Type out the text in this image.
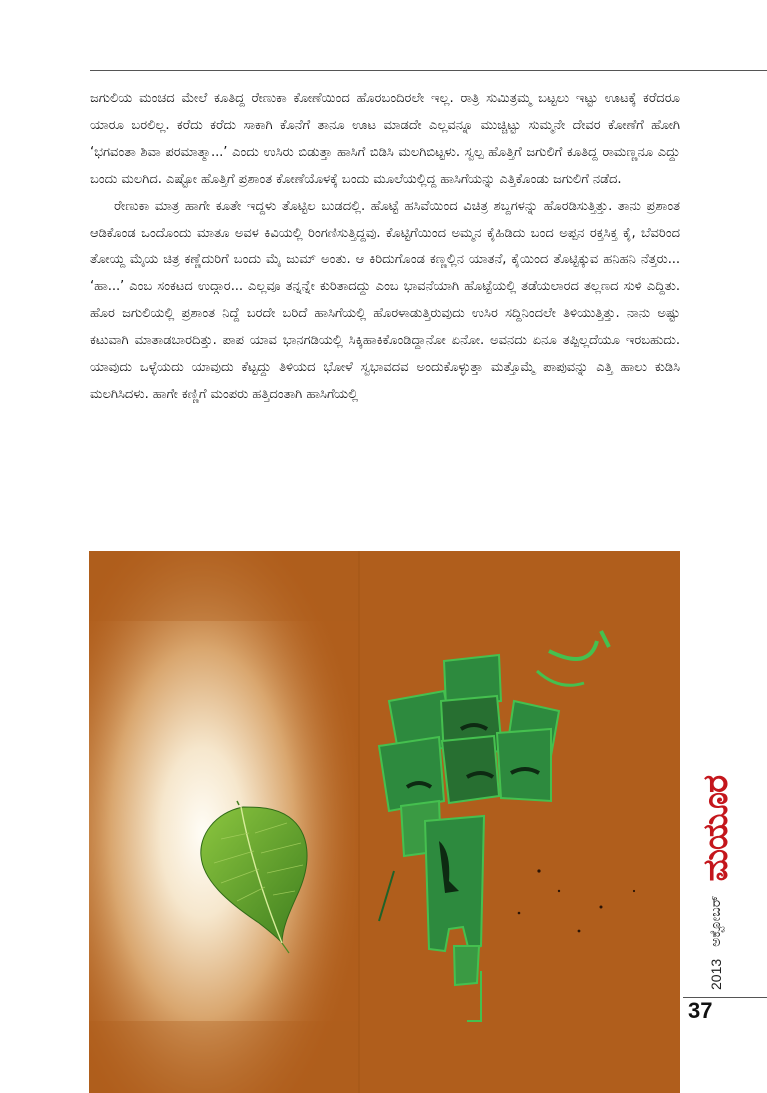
ಜಗುಲಿಯ ಮಂಚದ ಮೇಲೆ ಕೂತಿದ್ದ ರೇಣುಕಾ ಕೋಣೆಯಿಂದ ಹೊರಬಂದಿರಲೇ ಇಲ್ಲ. ರಾತ್ರಿ ಸುಮಿತ್ರಮ್ಮ ಬಟ್ಟಲು ಇಟ್ಟು ಊಟಕ್ಕೆ ಕರೆದರೂ ಯಾರೂ ಬರಲಿಲ್ಲ. ಕರೆದು ಕರೆದು ಸಾಕಾಗಿ ಕೊನೆಗೆ ತಾನೂ ಊಟ ಮಾಡದೇ ಎಲ್ಲವನ್ನೂ ಮುಚ್ಚಿಟ್ಟು ಸುಮ್ಮನೇ ದೇವರ ಕೋಣೆಗೆ ಹೋಗಿ ‘ಭಗವಂತಾ ಶಿವಾ ಪರಮಾತ್ಮಾ...’ ಎಂದು ಉಸಿರು ಬಿಡುತ್ತಾ ಹಾಸಿಗೆ ಬಿಡಿಸಿ ಮಲಗಿಬಿಟ್ಟಳು. ಸ್ವಲ್ಪ ಹೊತ್ತಿಗೆ ಜಗುಲಿಗೆ ಕೂತಿದ್ದ ರಾಮಣ್ಣನೂ ಎದ್ದು ಬಂದು ಮಲಗಿದ. ಎಷ್ಟೋ ಹೊತ್ತಿಗೆ ಪ್ರಶಾಂತ ಕೋಣೆಯೊಳಕ್ಕೆ ಬಂದು ಮೂಲೆಯಲ್ಲಿದ್ದ ಹಾಸಿಗೆಯನ್ನು ಎತ್ತಿಕೊಂಡು ಜಗುಲಿಗೆ ನಡೆದ.

ರೇಣುಕಾ ಮಾತ್ರ ಹಾಗೇ ಕೂತೇ ಇದ್ದಳು ತೊಟ್ಟಿಲ ಬುಡದಲ್ಲಿ. ಹೊಟ್ಟೆ ಹಸಿವೆಯಿಂದ ವಿಚಿತ್ರ ಶಬ್ದಗಳನ್ನು ಹೊರಡಿಸುತ್ತಿತ್ತು. ತಾನು ಪ್ರಶಾಂತ ಆಡಿಕೊಂಡ ಒಂದೊಂದು ಮಾತೂ ಅವಳ ಕಿವಿಯಲ್ಲಿ ರಿಂಗಣಿಸುತ್ತಿದ್ದವು. ಕೊಟ್ಟಿಗೆಯಿಂದ ಅಮ್ಮನ ಕೈಹಿಡಿದು ಬಂದ ಅಪ್ಪನ ರಕ್ತಸಿಕ್ತ ಕೈ, ಬೆವರಿಂದ ತೋಯ್ದ ಮೈಯ ಚಿತ್ರ ಕಣ್ಣೆದುರಿಗೆ ಬಂದು ಮೈ ಜುಮ್ ಅಂತು. ಆ ಕಿರಿದುಗೊಂಡ ಕಣ್ಣಲ್ಲಿನ ಯಾತನೆ, ಕೈಯಿಂದ ತೊಟ್ಟಿಕ್ಕುವ ಹನಿಹನಿ ನೆತ್ತರು... ‘ಹಾ...’ ಎಂಬ ಸಂಕಟದ ಉದ್ಗಾರ... ಎಲ್ಲವೂ ತನ್ನನ್ನೇ ಕುರಿತಾದದ್ದು ಎಂಬ ಭಾವನೆಯಾಗಿ ಹೊಟ್ಟೆಯಲ್ಲಿ ತಡೆಯಲಾರದ ತಲ್ಲಣದ ಸುಳಿ ಎದ್ದಿತು. ಹೊರ ಜಗುಲಿಯಲ್ಲಿ ಪ್ರಶಾಂತ ನಿದ್ದೆ ಬರದೇ ಬರಿದೆ ಹಾಸಿಗೆಯಲ್ಲಿ ಹೊರಳಾಡುತ್ತಿರುವುದು ಉಸಿರ ಸದ್ದಿನಿಂದಲೇ ತಿಳಿಯುತ್ತಿತ್ತು. ನಾನು ಅಷ್ಟು ಕಟುವಾಗಿ ಮಾತಾಡಬಾರದಿತ್ತು. ಪಾಪ ಯಾವ ಭಾನಗಡಿಯಲ್ಲಿ ಸಿಕ್ಕಿಹಾಕಿಕೊಂಡಿದ್ದಾನೋ ಏನೋ. ಅವನದು ಏನೂ ತಪ್ಪಿಲ್ಲದೆಯೂ ಇರಬಹುದು. ಯಾವುದು ಒಳ್ಳೆಯದು ಯಾವುದು ಕೆಟ್ಟದ್ದು ತಿಳಿಯದ ಭೋಳೆ ಸ್ವಭಾವದವ ಅಂದುಕೊಳ್ಳುತ್ತಾ ಮತ್ತೊಮ್ಮೆ ಪಾಪುವನ್ನು ಎತ್ತಿ ಹಾಲು ಕುಡಿಸಿ ಮಲಗಿಸಿದಳು. ಹಾಗೇ ಕಣ್ಣಿಗೆ ಮಂಪರು ಹತ್ತಿದಂತಾಗಿ ಹಾಸಿಗೆಯಲ್ಲಿ

ಮಯೂರ
ಅಕ್ಟೋಬರ್
2013
37
